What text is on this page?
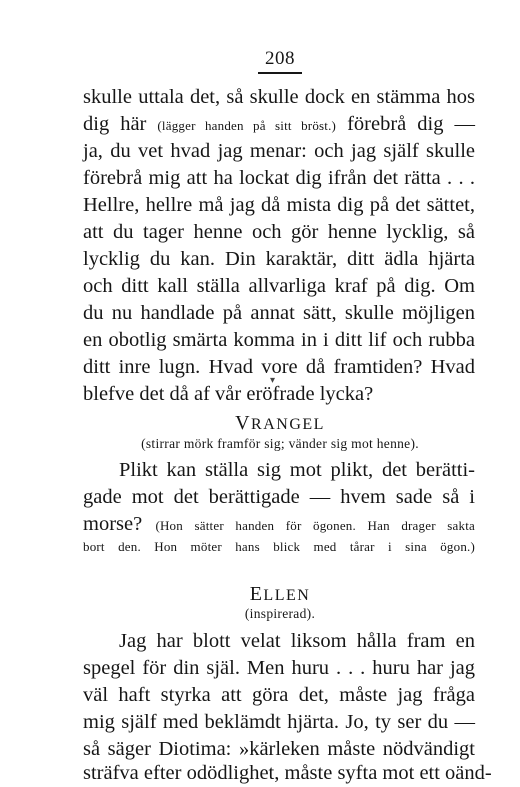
208
skulle uttala det, så skulle dock en stämma hos
dig här (lägger handen på sitt bröst.) förebrå dig —
ja, du vet hvad jag menar: och jag själf skulle
förebrå mig att ha lockat dig ifrån det rätta . . .
Hellre, hellre må jag då mista dig på det sättet,
att du tager henne och gör henne lycklig, så
lycklig du kan. Din karaktär, ditt ädla hjärta
och ditt kall ställa allvarliga kraf på dig. Om
du nu handlade på annat sätt, skulle möjligen
en obotlig smärta komma in i ditt lif och rubba
ditt inre lugn. Hvad vore då framtiden? Hvad
blefve det då af vår eröfrade lycka?
▾
VRANGEL
(stirrar mörk framför sig; vänder sig mot henne).
Plikt kan ställa sig mot plikt, det berätti-
gade mot det berättigade — hvem sade så i
morse? (Hon sätter handen för ögonen. Han drager sakta
bort den. Hon möter hans blick med tårar i sina ögon.)
ELLEN
(inspirerad).
Jag har blott velat liksom hålla fram en
spegel för din själ. Men huru . . . huru har jag
väl haft styrka att göra det, måste jag fråga
mig själf med beklämdt hjärta. Jo, ty ser du —
så säger Diotima: »kärleken måste nödvändigt
sträfva efter odödlighet, måste syfta mot ett oänd-
